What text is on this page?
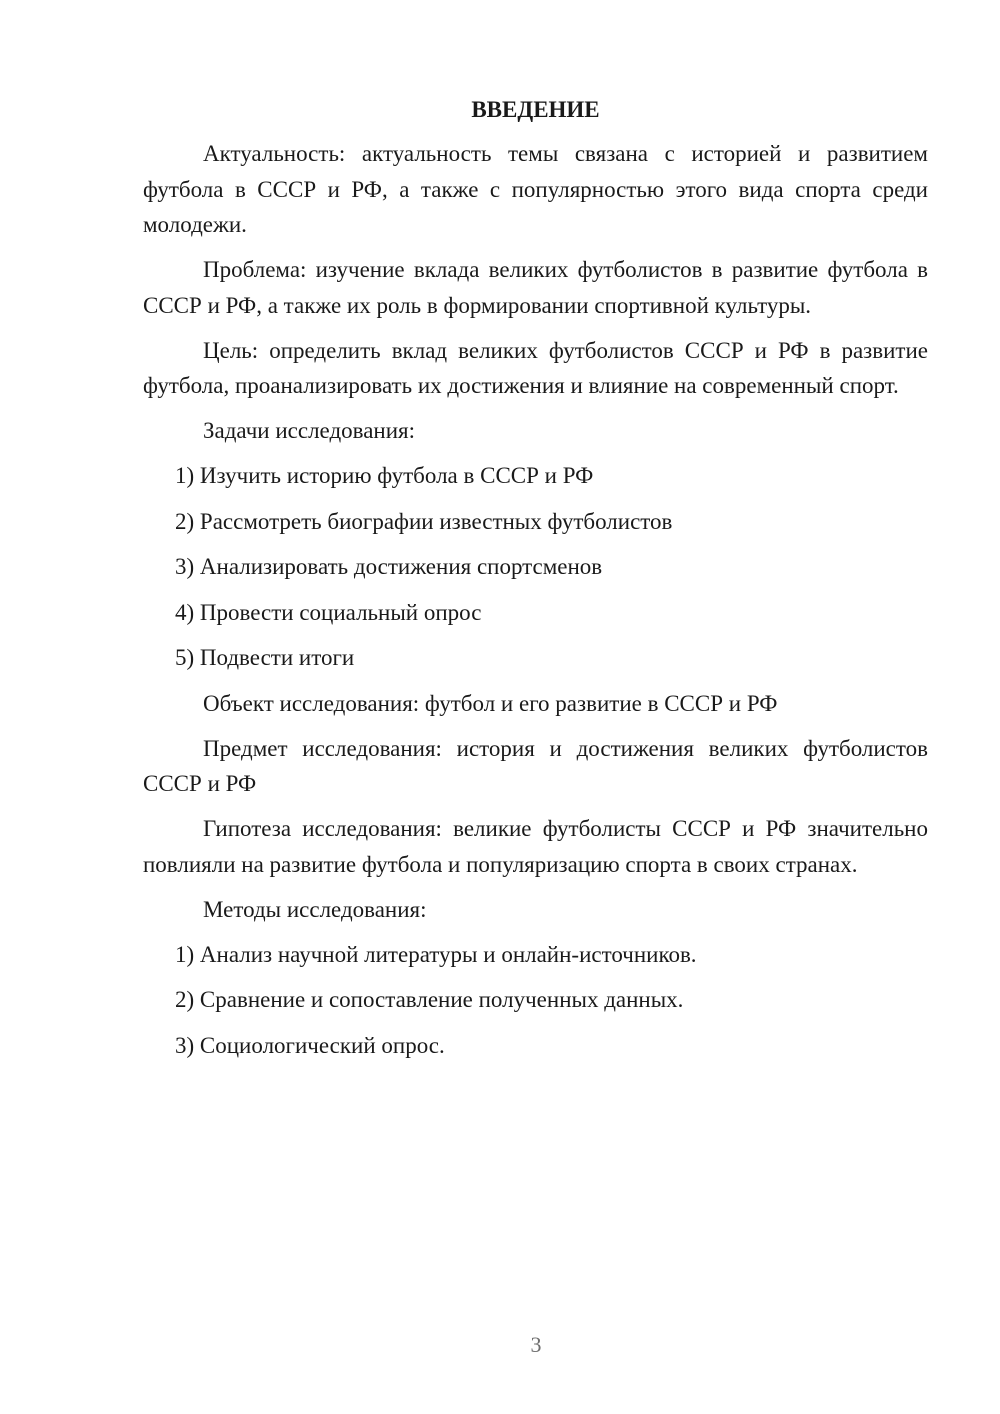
ВВЕДЕНИЕ

Актуальность: актуальность темы связана с историей и развитием футбола в СССР и РФ, а также с популярностью этого вида спорта среди молодежи.

Проблема: изучение вклада великих футболистов в развитие футбола в СССР и РФ, а также их роль в формировании спортивной культуры.

Цель: определить вклад великих футболистов СССР и РФ в развитие футбола, проанализировать их достижения и влияние на современный спорт.

Задачи исследования:

1) Изучить историю футбола в СССР и РФ
2) Рассмотреть биографии известных футболистов
3) Анализировать достижения спортсменов
4) Провести социальный опрос
5) Подвести итоги

Объект исследования: футбол и его развитие в СССР и РФ

Предмет исследования: история и достижения великих футболистов СССР и РФ

Гипотеза исследования: великие футболисты СССР и РФ значительно повлияли на развитие футбола и популяризацию спорта в своих странах.

Методы исследования:

1) Анализ научной литературы и онлайн-источников.
2) Сравнение и сопоставление полученных данных.
3) Социологический опрос.
3
